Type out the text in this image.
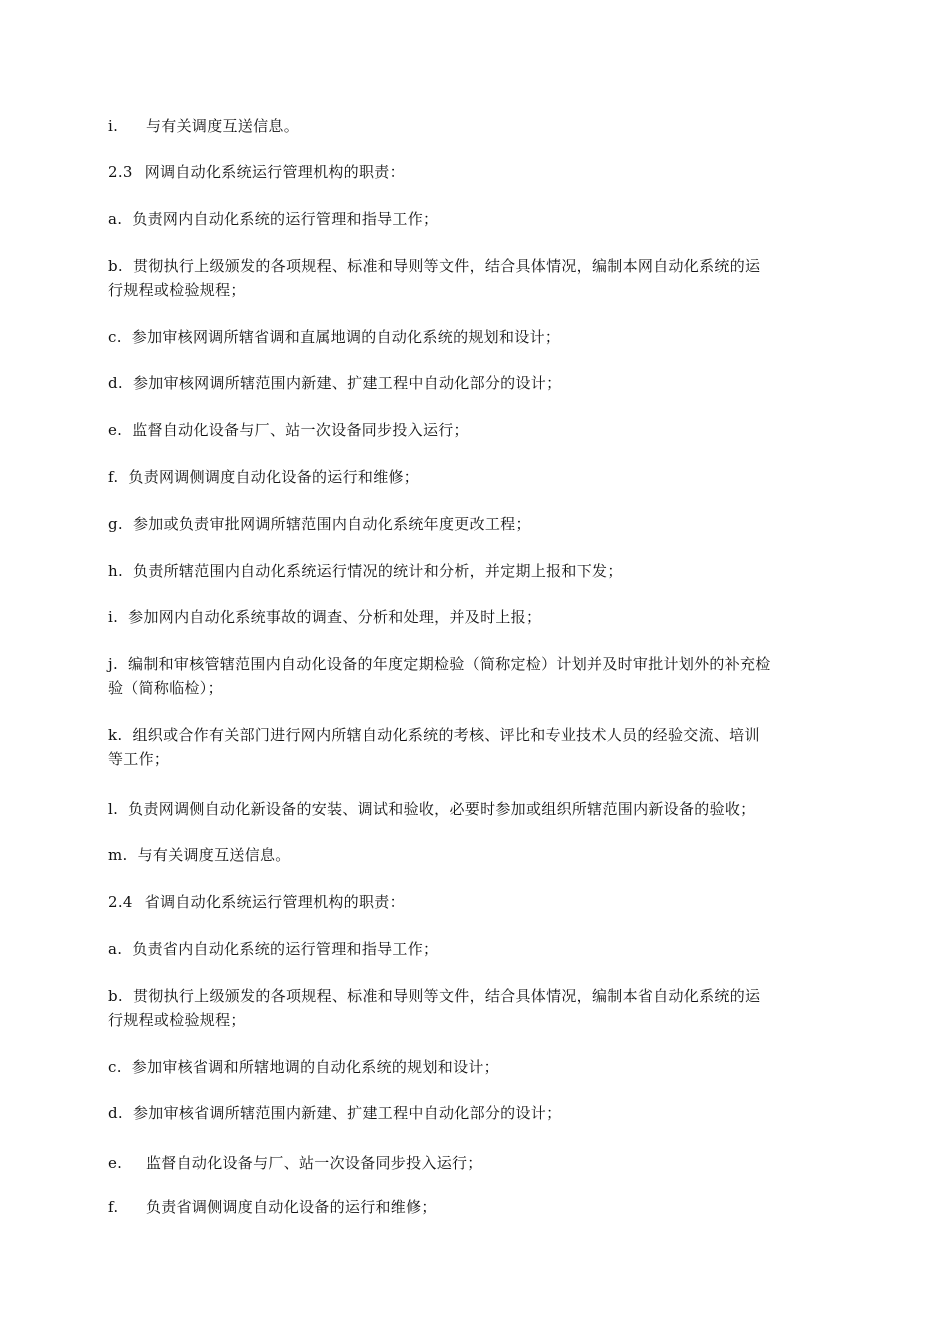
i. 与有关调度互送信息。
2.3 网调自动化系统运行管理机构的职责：
a. 负责网内自动化系统的运行管理和指导工作；
b. 贯彻执行上级颁发的各项规程、标准和导则等文件，结合具体情况，编制本网自动化系统的运
行规程或检验规程；
c. 参加审核网调所辖省调和直属地调的自动化系统的规划和设计；
d. 参加审核网调所辖范围内新建、扩建工程中自动化部分的设计；
e. 监督自动化设备与厂、站一次设备同步投入运行；
f. 负责网调侧调度自动化设备的运行和维修；
g. 参加或负责审批网调所辖范围内自动化系统年度更改工程；
h. 负责所辖范围内自动化系统运行情况的统计和分析，并定期上报和下发；
i. 参加网内自动化系统事故的调查、分析和处理，并及时上报；
j. 编制和审核管辖范围内自动化设备的年度定期检验（简称定检）计划并及时审批计划外的补充检
验（简称临检）；
k. 组织或合作有关部门进行网内所辖自动化系统的考核、评比和专业技术人员的经验交流、培训
等工作；
l. 负责网调侧自动化新设备的安装、调试和验收，必要时参加或组织所辖范围内新设备的验收；
m. 与有关调度互送信息。
2.4 省调自动化系统运行管理机构的职责：
a. 负责省内自动化系统的运行管理和指导工作；
b. 贯彻执行上级颁发的各项规程、标准和导则等文件，结合具体情况，编制本省自动化系统的运
行规程或检验规程；
c. 参加审核省调和所辖地调的自动化系统的规划和设计；
d. 参加审核省调所辖范围内新建、扩建工程中自动化部分的设计；
e. 监督自动化设备与厂、站一次设备同步投入运行；
f. 负责省调侧调度自动化设备的运行和维修；
